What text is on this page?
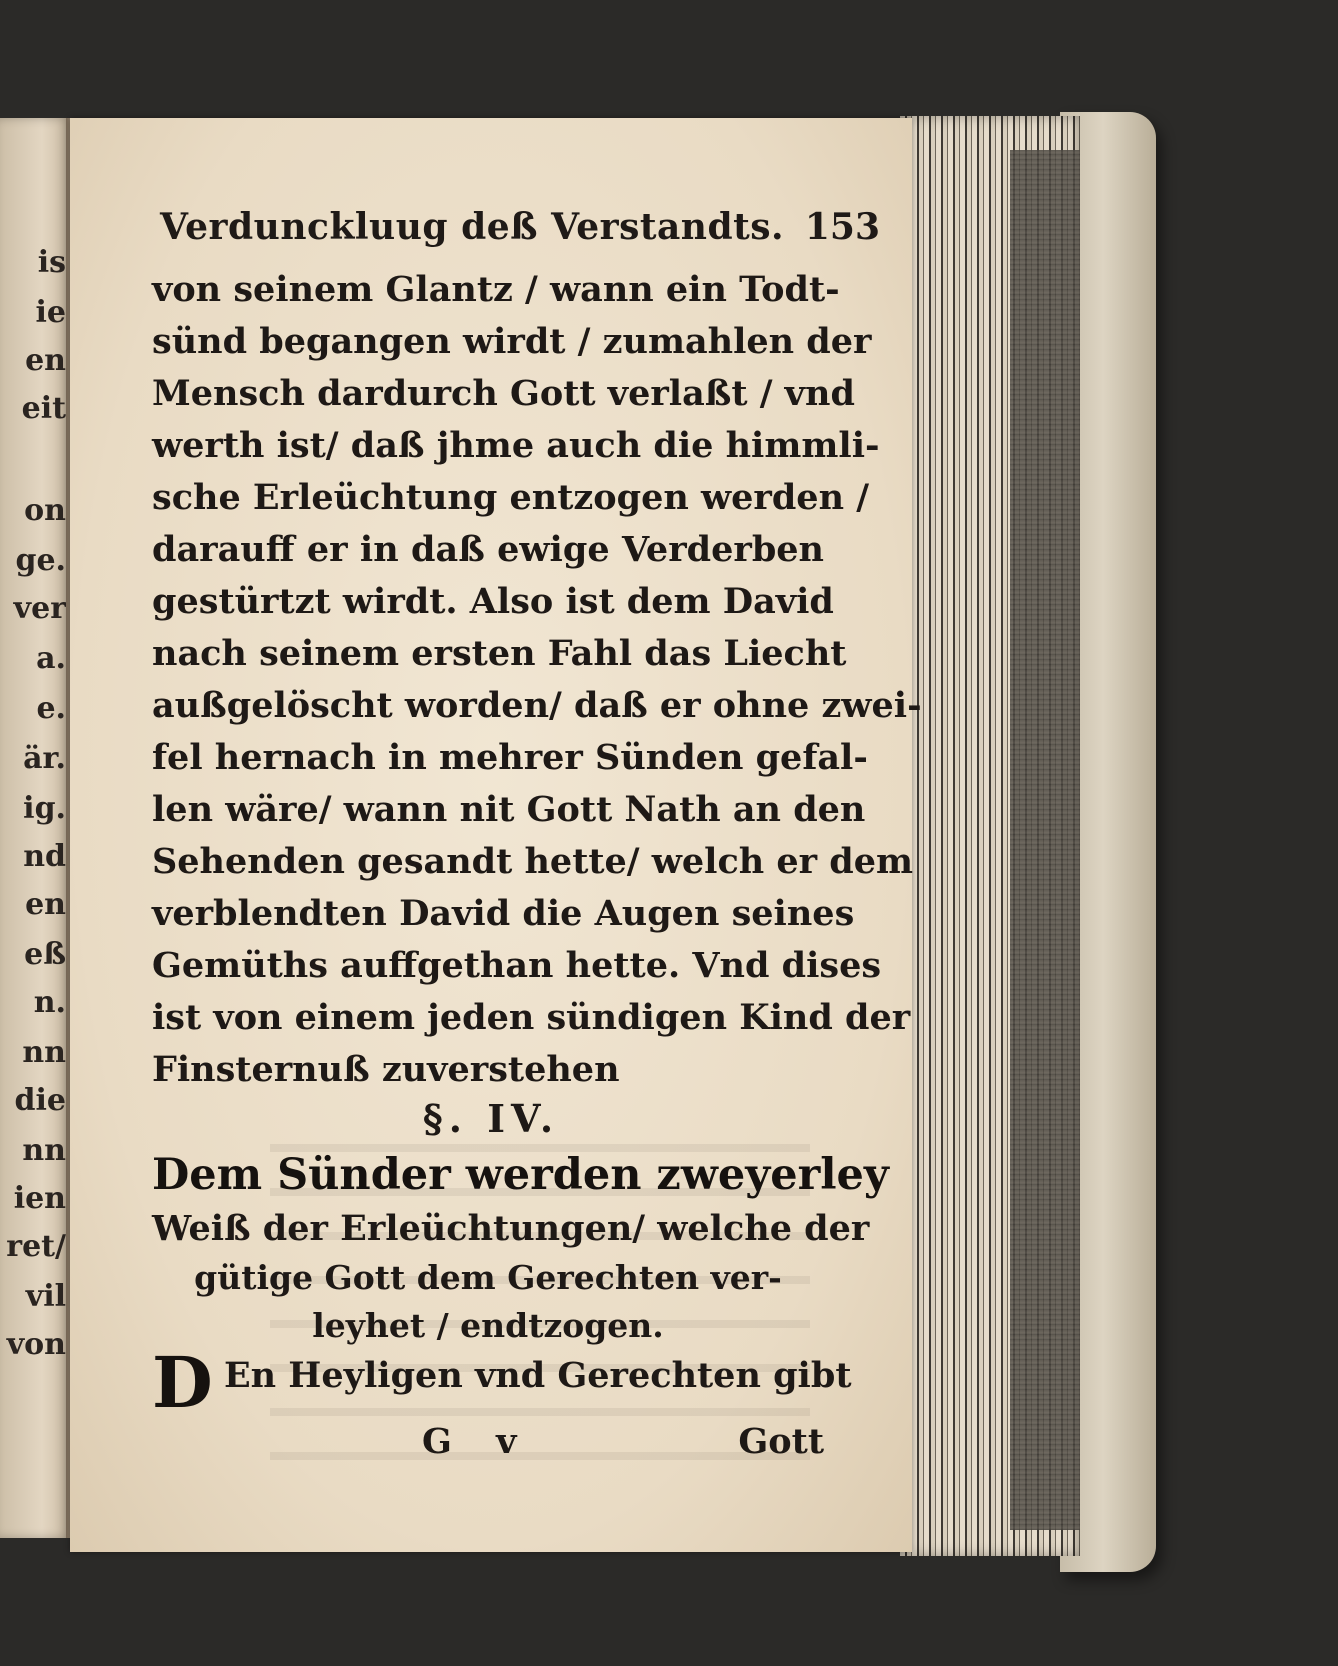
is
ie
en
eit
on
ge.
ver
a.
e.
är.
ig.
nd
en
eß
n.
nn
die
nn
ien
ret/
vil
von
Verdunckluug deß Verstandts. 153
von seinem Glantz / wann ein Todt-
sünd begangen wirdt / zumahlen der
Mensch dardurch Gott verlaßt / vnd
werth ist/ daß jhme auch die himmli-
sche Erleüchtung entzogen werden /
darauff er in daß ewige Verderben
gestürtzt wirdt. Also ist dem David
nach seinem ersten Fahl das Liecht
außgelöscht worden/ daß er ohne zwei-
fel hernach in mehrer Sünden gefal-
len wäre/ wann nit Gott Nath an den
Sehenden gesandt hette/ welch er dem
verblendten David die Augen seines
Gemüths auffgethan hette. Vnd dises
ist von einem jeden sündigen Kind der
Finsternuß zuverstehen
§. IV.
Dem Sünder werden zweyerley
Weiß der Erleüchtungen/ welche der
gütige Gott dem Gerechten ver-
leyhet / endtzogen.
D En Heyligen vnd Gerechten gibt
G v	Gott
